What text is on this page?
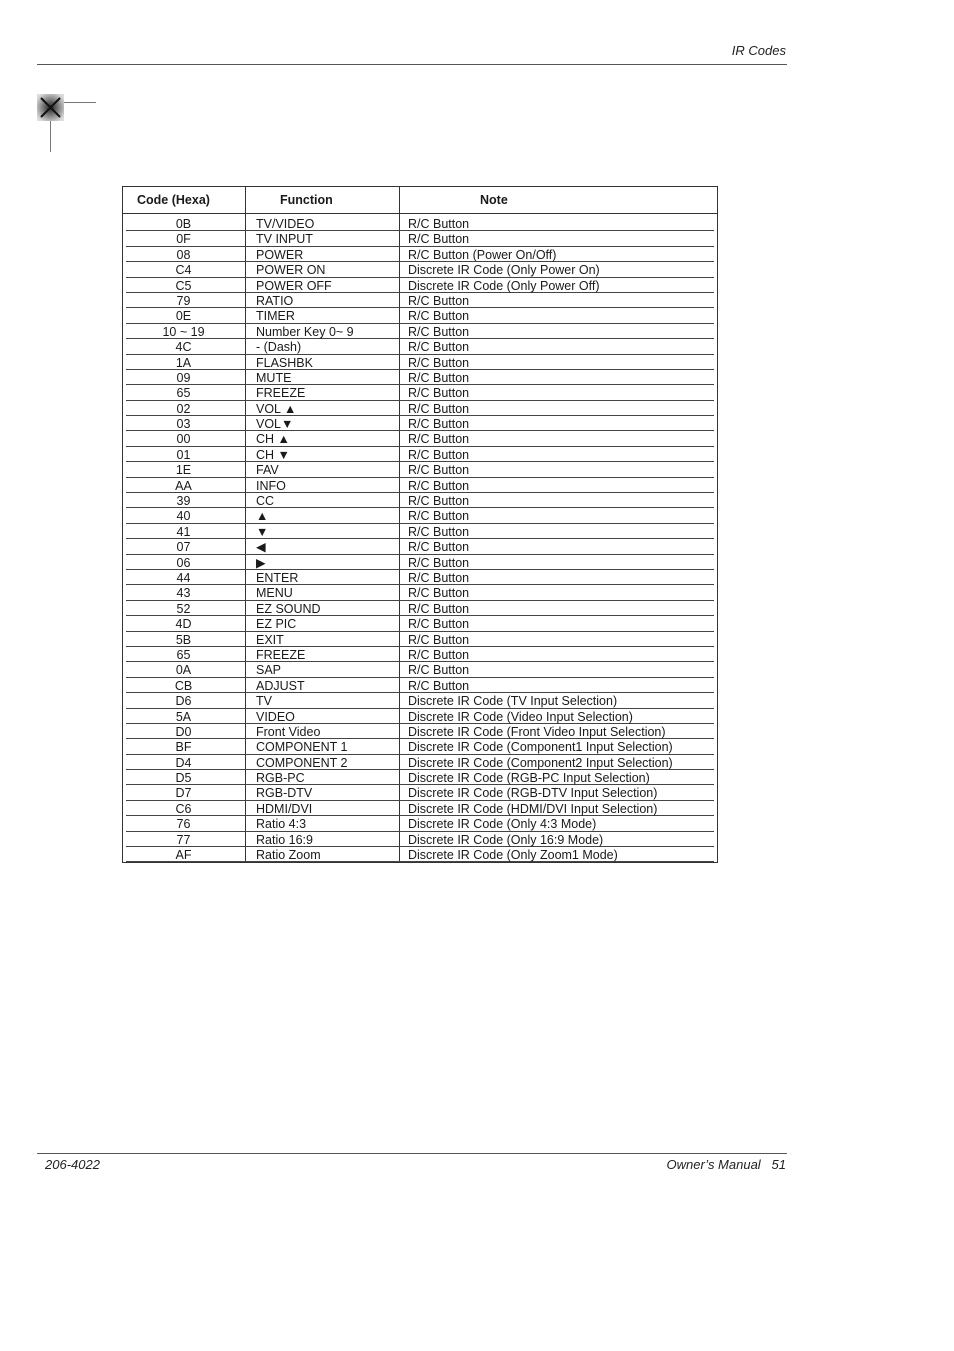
IR Codes
Code (Hexa)	Function	Note
0B	TV/VIDEO	R/C Button
0F	TV INPUT	R/C Button
08	POWER	R/C Button (Power On/Off)
C4	POWER ON	Discrete IR Code (Only Power On)
C5	POWER OFF	Discrete IR Code (Only Power Off)
79	RATIO	R/C Button
0E	TIMER	R/C Button
10 ~ 19	Number Key 0~ 9	R/C Button
4C	- (Dash)	R/C Button
1A	FLASHBK	R/C Button
09	MUTE	R/C Button
65	FREEZE	R/C Button
02	VOL ▲	R/C Button
03	VOL▼	R/C Button
00	CH ▲	R/C Button
01	CH ▼	R/C Button
1E	FAV	R/C Button
AA	INFO	R/C Button
39	CC	R/C Button
40	▲	R/C Button
41	▼	R/C Button
07	◀	R/C Button
06	▶	R/C Button
44	ENTER	R/C Button
43	MENU	R/C Button
52	EZ SOUND	R/C Button
4D	EZ PIC	R/C Button
5B	EXIT	R/C Button
65	FREEZE	R/C Button
0A	SAP	R/C Button
CB	ADJUST	R/C Button
D6	TV	Discrete IR Code (TV Input Selection)
5A	VIDEO	Discrete IR Code (Video Input Selection)
D0	Front Video	Discrete IR Code (Front Video Input Selection)
BF	COMPONENT 1	Discrete IR Code (Component1 Input Selection)
D4	COMPONENT 2	Discrete IR Code (Component2 Input Selection)
D5	RGB-PC	Discrete IR Code (RGB-PC Input Selection)
D7	RGB-DTV	Discrete IR Code (RGB-DTV Input Selection)
C6	HDMI/DVI	Discrete IR Code (HDMI/DVI Input Selection)
76	Ratio 4:3	Discrete IR Code (Only 4:3 Mode)
77	Ratio 16:9	Discrete IR Code (Only 16:9 Mode)
AF	Ratio Zoom	Discrete IR Code (Only Zoom1 Mode)
206-4022	Owner’s Manual   51
